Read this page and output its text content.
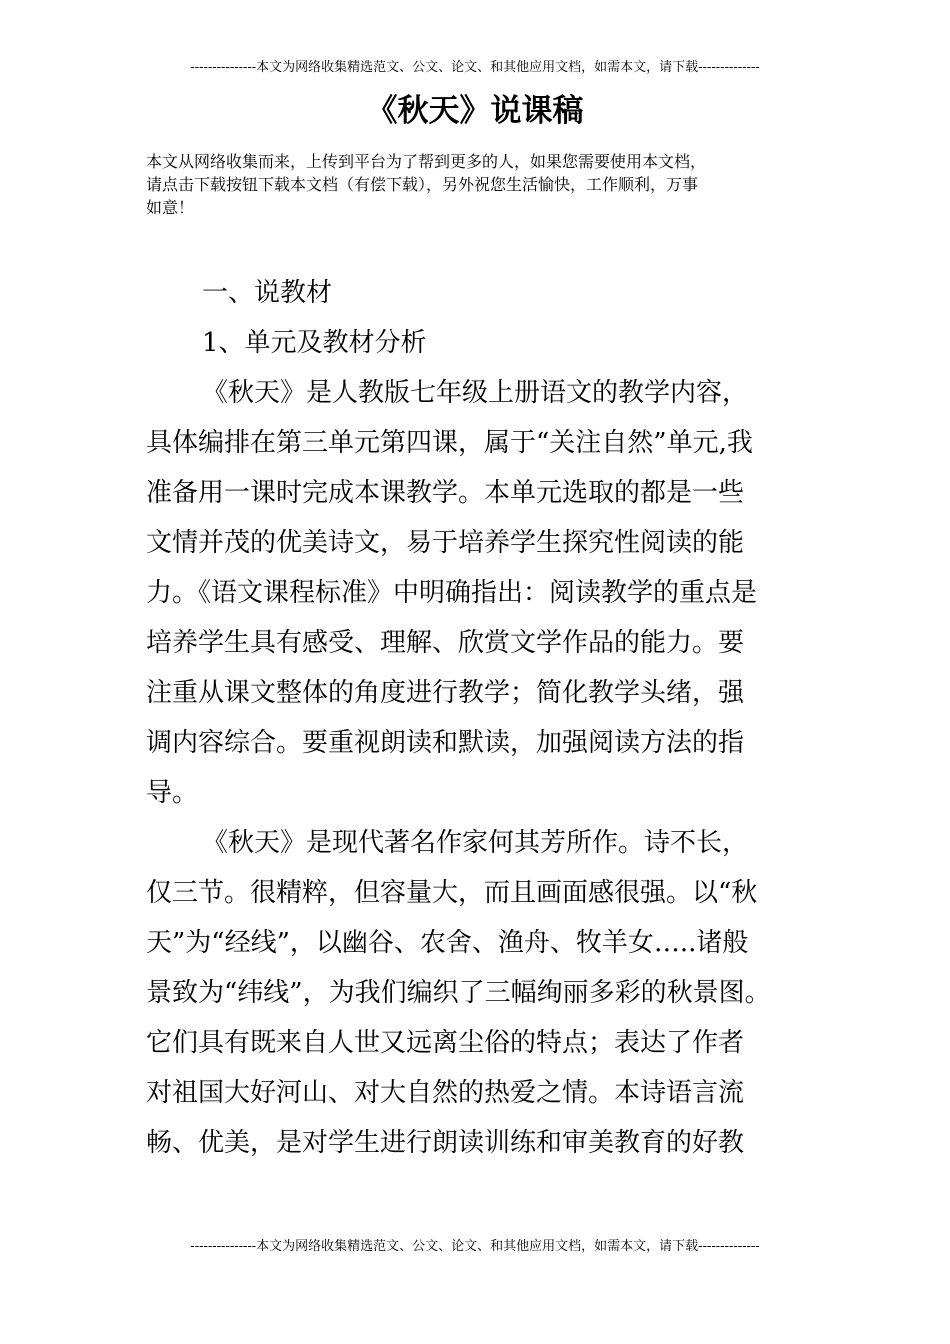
---------------本文为网络收集精选范文、公文、论文、和其他应用文档，如需本文，请下载--------------
《秋天》说课稿
本文从网络收集而来，上传到平台为了帮到更多的人，如果您需要使用本文档，
请点击下载按钮下载本文档（有偿下载），另外祝您生活愉快，工作顺利，万事
如意！
一、说教材
1、单元及教材分析
《秋天》是人教版七年级上册语文的教学内容，
具体编排在第三单元第四课，属于“关注自然”单元,我
准备用一课时完成本课教学。本单元选取的都是一些
文情并茂的优美诗文，易于培养学生探究性阅读的能
力。《语文课程标准》中明确指出：阅读教学的重点是
培养学生具有感受、理解、欣赏文学作品的能力。要
注重从课文整体的角度进行教学；简化教学头绪，强
调内容综合。要重视朗读和默读，加强阅读方法的指
导。
《秋天》是现代著名作家何其芳所作。诗不长，
仅三节。很精粹，但容量大，而且画面感很强。以“秋
天”为“经线”，以幽谷、农舍、渔舟、牧羊女…..诸般
景致为“纬线”，为我们编织了三幅绚丽多彩的秋景图。
它们具有既来自人世又远离尘俗的特点；表达了作者
对祖国大好河山、对大自然的热爱之情。本诗语言流
畅、优美，是对学生进行朗读训练和审美教育的好教
---------------本文为网络收集精选范文、公文、论文、和其他应用文档，如需本文，请下载--------------
